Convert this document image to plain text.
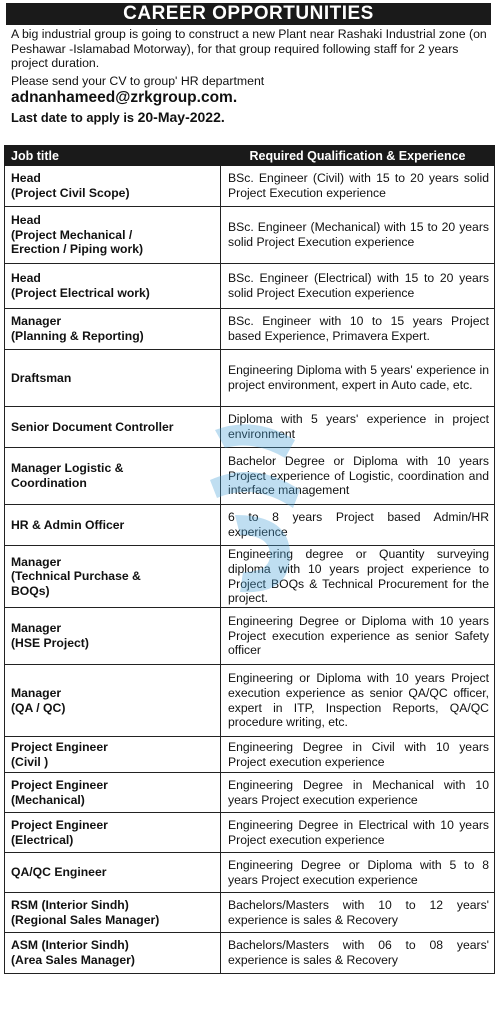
CAREER OPPORTUNITIES

A big industrial group is going to construct a new Plant near Rashaki Industrial zone (on Peshawar -Islamabad Motorway), for that group required following staff for 2 years project duration.

Please send your CV to group' HR department

adnanhameed@zrkgroup.com.

Last date to apply is 20-May-2022.

Job title	Required Qualification & Experience

Head
(Project Civil Scope)	BSc. Engineer (Civil) with 15 to 20 years solid Project Execution experience

Head
(Project Mechanical /
Erection / Piping work)	BSc. Engineer (Mechanical) with 15 to 20 years solid Project Execution experience

Head
(Project Electrical work)	BSc. Engineer (Electrical) with 15 to 20 years solid Project Execution experience

Manager
(Planning & Reporting)	BSc. Engineer with 10 to 15 years Project based Experience, Primavera Expert.

Draftsman	Engineering Diploma with 5 years' experience in project environment, expert in Auto cade, etc.

Senior Document Controller	Diploma with 5 years' experience in project environment

Manager Logistic &
Coordination	Bachelor Degree or Diploma with 10 years Project experience of Logistic, coordination and interface management

HR & Admin Officer	6 to 8 years Project based Admin/HR experience

Manager
(Technical Purchase &
BOQs)	Engineering degree or Quantity surveying diploma with 10 years project experience to Project BOQs & Technical Procurement for the project.

Manager
(HSE Project)	Engineering Degree or Diploma with 10 years Project execution experience as senior Safety officer

Manager
(QA / QC)	Engineering or Diploma with 10 years Project execution experience as senior QA/QC officer, expert in ITP, Inspection Reports, QA/QC procedure writing, etc.

Project Engineer
(Civil )	Engineering Degree in Civil with 10 years Project execution experience

Project Engineer
(Mechanical)	Engineering Degree in Mechanical with 10 years Project execution experience

Project Engineer
(Electrical)	Engineering Degree in Electrical with 10 years Project execution experience

QA/QC Engineer	Engineering Degree or Diploma with 5 to 8 years Project execution experience

RSM (Interior Sindh)
(Regional Sales Manager)	Bachelors/Masters with 10 to 12 years' experience is sales & Recovery

ASM (Interior Sindh)
(Area Sales Manager)	Bachelors/Masters with 06 to 08 years' experience is sales & Recovery
